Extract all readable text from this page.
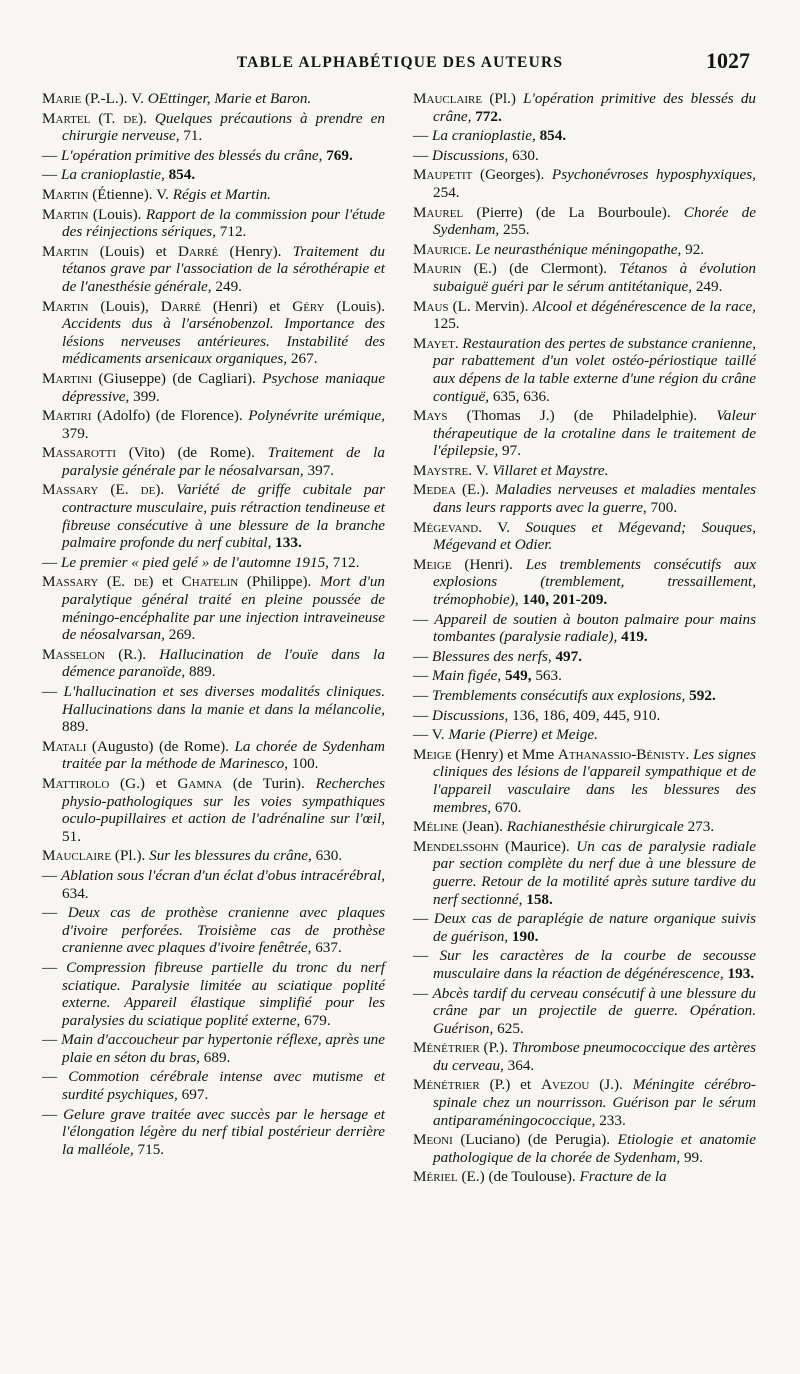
TABLE ALPHABÉTIQUE DES AUTEURS	1027
Marie (P.-L.). V. OEttinger, Marie et Baron.
Martel (T. de). Quelques précautions à prendre en chirurgie nerveuse, 71.
— L'opération primitive des blessés du crâne, 769.
— La cranioplastie, 854.
Martin (Étienne). V. Régis et Martin.
Martin (Louis). Rapport de la commission pour l'étude des réinjections sériques, 712.
Martin (Louis) et Darré (Henry). Traitement du tétanos grave par l'association de la sérothérapie et de l'anesthésie générale, 249.
Martin (Louis), Darré (Henri) et Géry (Louis). Accidents dus à l'arsénobenzol. Importance des lésions nerveuses antérieures. Instabilité des médicaments arsenicaux organiques, 267.
Martini (Giuseppe) (de Cagliari). Psychose maniaque dépressive, 399.
Martiri (Adolfo) (de Florence). Polynévrite urémique, 379.
Massarotti (Vito) (de Rome). Traitement de la paralysie générale par le néosalvarsan, 397.
Massary (E. de). Variété de griffe cubitale par contracture musculaire, puis rétraction tendineuse et fibreuse consécutive à une blessure de la branche palmaire profonde du nerf cubital, 133.
— Le premier « pied gelé » de l'automne 1915, 712.
Massary (E. de) et Chatelin (Philippe). Mort d'un paralytique général traité en pleine poussée de méningo-encéphalite par une injection intraveineuse de néosalvarsan, 269.
Masselon (R.). Hallucination de l'ouïe dans la démence paranoïde, 889.
— L'hallucination et ses diverses modalités cliniques. Hallucinations dans la manie et dans la mélancolie, 889.
Matali (Augusto) (de Rome). La chorée de Sydenham traitée par la méthode de Marinesco, 100.
Mattirolo (G.) et Gamna (de Turin). Recherches physio-pathologiques sur les voies sympathiques oculo-pupillaires et action de l'adrénaline sur l'œil, 51.
Mauclaire (Pl.). Sur les blessures du crâne, 630.
— Ablation sous l'écran d'un éclat d'obus intracérébral, 634.
— Deux cas de prothèse cranienne avec plaques d'ivoire perforées. Troisième cas de prothèse cranienne avec plaques d'ivoire fenêtrée, 637.
— Compression fibreuse partielle du tronc du nerf sciatique. Paralysie limitée au sciatique poplité externe. Appareil élastique simplifié pour les paralysies du sciatique poplité externe, 679.
— Main d'accoucheur par hypertonie réflexe, après une plaie en séton du bras, 689.
— Commotion cérébrale intense avec mutisme et surdité psychiques, 697.
— Gelure grave traitée avec succès par le hersage et l'élongation légère du nerf tibial postérieur derrière la malléole, 715.
Mauclaire (Pl.) L'opération primitive des blessés du crâne, 772.
— La cranioplastie, 854.
— Discussions, 630.
Maupetit (Georges). Psychonévroses hyposphyxiques, 254.
Maurel (Pierre) (de La Bourboule). Chorée de Sydenham, 255.
Maurice. Le neurasthénique méningopathe, 92.
Maurin (E.) (de Clermont). Tétanos à évolution subaiguë guéri par le sérum antitétanique, 249.
Maus (L. Mervin). Alcool et dégénérescence de la race, 125.
Mayet. Restauration des pertes de substance cranienne, par rabattement d'un volet ostéo-périostique taillé aux dépens de la table externe d'une région du crâne contiguë, 635, 636.
Mays (Thomas J.) (de Philadelphie). Valeur thérapeutique de la crotaline dans le traitement de l'épilepsie, 97.
Maystre. V. Villaret et Maystre.
Medea (E.). Maladies nerveuses et maladies mentales dans leurs rapports avec la guerre, 700.
Mégevand. V. Souques et Mégevand; Souques, Mégevand et Odier.
Meige (Henri). Les tremblements consécutifs aux explosions (tremblement, tressaillement, trémophobie), 140, 201-209.
— Appareil de soutien à bouton palmaire pour mains tombantes (paralysie radiale), 419.
— Blessures des nerfs, 497.
— Main figée, 549, 563.
— Tremblements consécutifs aux explosions, 592.
— Discussions, 136, 186, 409, 445, 910.
— V. Marie (Pierre) et Meige.
Meige (Henry) et Mme Athanassio-Bénisty. Les signes cliniques des lésions de l'appareil sympathique et de l'appareil vasculaire dans les blessures des membres, 670.
Méline (Jean). Rachianesthésie chirurgicale 273.
Mendelssohn (Maurice). Un cas de paralysie radiale par section complète du nerf due à une blessure de guerre. Retour de la motilité après suture tardive du nerf sectionné, 158.
— Deux cas de paraplégie de nature organique suivis de guérison, 190.
— Sur les caractères de la courbe de secousse musculaire dans la réaction de dégénérescence, 193.
— Abcès tardif du cerveau consécutif à une blessure du crâne par un projectile de guerre. Opération. Guérison, 625.
Ménétrier (P.). Thrombose pneumococcique des artères du cerveau, 364.
Ménétrier (P.) et Avezou (J.). Méningite cérébro-spinale chez un nourrisson. Guérison par le sérum antiparaméningococcique, 233.
Meoni (Luciano) (de Perugia). Etiologie et anatomie pathologique de la chorée de Sydenham, 99.
Mériel (E.) (de Toulouse). Fracture de la
